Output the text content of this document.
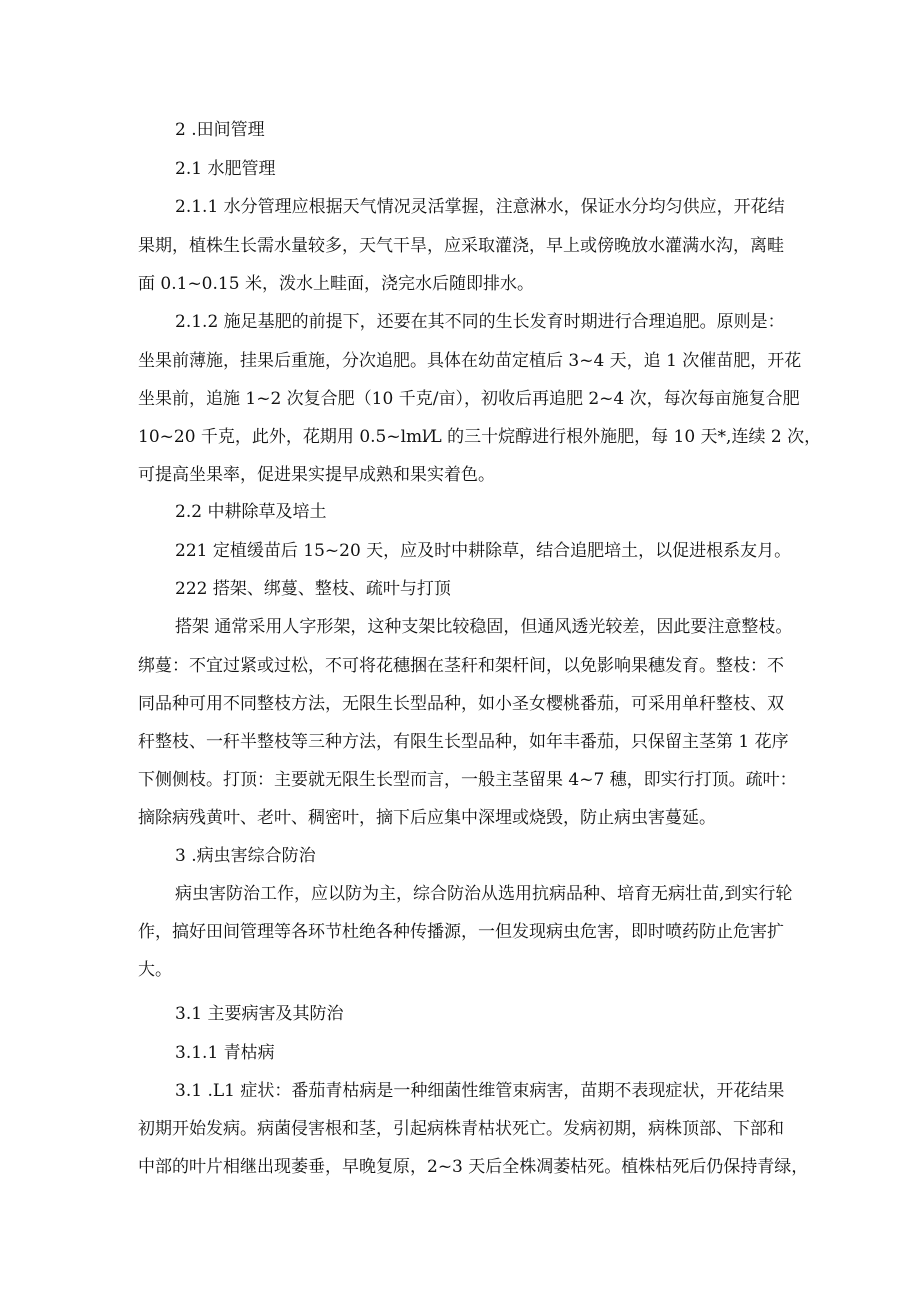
2 .田间管理

2.1 水肥管理

2.1.1 水分管理应根据天气情况灵活掌握，注意淋水，保证水分均匀供应，开花结

果期，植株生长需水量较多，天气干旱，应采取灌浇，早上或傍晚放水灌满水沟，离畦

面 0.1~0.15 米，泼水上畦面，浇完水后随即排水。

2.1.2 施足基肥的前提下，还要在其不同的生长发育时期进行合理追肥。原则是：

坐果前薄施，挂果后重施，分次追肥。具体在幼苗定植后 3~4 天，追 1 次催苗肥，开花

坐果前，追施 1~2 次复合肥（10 千克/亩），初收后再追肥 2~4 次，每次每亩施复合肥

10~20 千克，此外，花期用 0.5~lml⁄L 的三十烷醇进行根外施肥，每 10 天*,连续 2 次，

可提高坐果率，促进果实提早成熟和果实着色。

2.2 中耕除草及培土

221 定植缓苗后 15~20 天，应及时中耕除草，结合追肥培土，以促进根系友月。

222 搭架、绑蔓、整枝、疏叶与打顶

搭架 通常采用人字形架，这种支架比较稳固，但通风透光较差，因此要注意整枝。

绑蔓：不宜过紧或过松，不可将花穗捆在茎秆和架杆间，以免影响果穗发育。整枝：不

同品种可用不同整枝方法，无限生长型品种，如小圣女樱桃番茄，可采用单秆整枝、双

秆整枝、一秆半整枝等三种方法，有限生长型品种，如年丰番茄，只保留主茎第 1 花序

下侧侧枝。打顶：主要就无限生长型而言，一般主茎留果 4~7 穗，即实行打顶。疏叶：

摘除病残黄叶、老叶、稠密叶，摘下后应集中深埋或烧毁，防止病虫害蔓延。

3 .病虫害综合防治

病虫害防治工作，应以防为主，综合防治从选用抗病品种、培育无病壮苗,到实行轮

作，搞好田间管理等各环节杜绝各种传播源，一但发现病虫危害，即时喷药防止危害扩

大。

3.1 主要病害及其防治

3.1.1 青枯病

3.1 .L1 症状：番茄青枯病是一种细菌性维管束病害，苗期不表现症状，开花结果

初期开始发病。病菌侵害根和茎，引起病株青枯状死亡。发病初期，病株顶部、下部和

中部的叶片相继出现萎垂，早晚复原，2~3 天后全株凋萎枯死。植株枯死后仍保持青绿，
